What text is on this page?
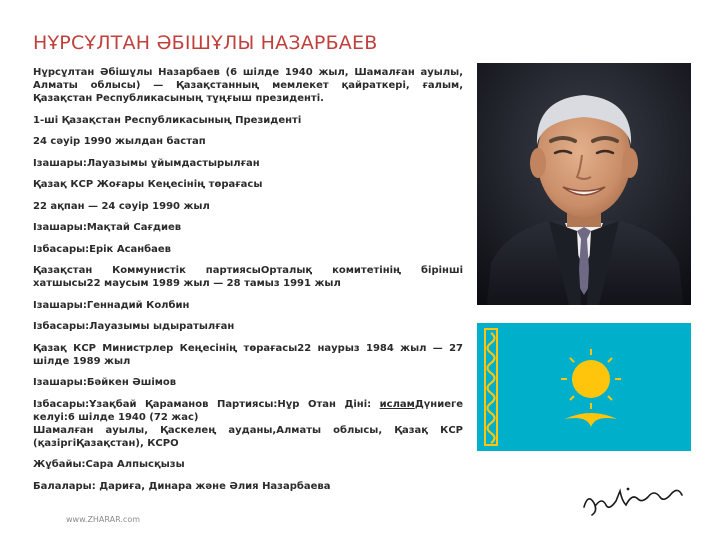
НҰРСҰЛТАН ӘБІШҰЛЫ НАЗАРБАЕВ

Нұрсұлтан Әбішұлы Назарбаев (6 шілде 1940 жыл, Шамалған ауылы, Алматы облысы) — Қазақстанның мемлекет қайраткері, ғалым, Қазақстан Республикасының тұңғыш президенті.

1-ші Қазақстан Республикасының Президенті

24 сәуір 1990 жылдан бастап

Ізашары:Лауазымы ұйымдастырылған

Қазақ КСР Жоғары Кеңесінің төрағасы

22 ақпан — 24 сәуір 1990 жыл

Ізашары:Мақтай Сағдиев

Ізбасары:Ерік Асанбаев

Қазақстан Коммунистік партиясыОрталық комитетінің бірінші хатшысы22 маусым 1989 жыл — 28 тамыз 1991 жыл

Ізашары:Геннадий Колбин

Ізбасары:Лауазымы ыдыратылған

Қазақ КСР Министрлер Кеңесінің төрағасы22 наурыз 1984 жыл — 27 шілде 1989 жыл

Ізашары:Бәйкен Әшімов

Ізбасары:Ұзақбай Қараманов Партиясы:Нұр Отан Діні: исламДүниеге келуі:6 шілде 1940 (72 жас)
Шамалған ауылы, Қаскелең ауданы,Алматы облысы, Қазақ КСР (қазіргіҚазақстан), КСРО

Жұбайы:Сара Алпысқызы

Балалары: Дариға, Динара және Әлия Назарбаева

www.ZHARAR.com
